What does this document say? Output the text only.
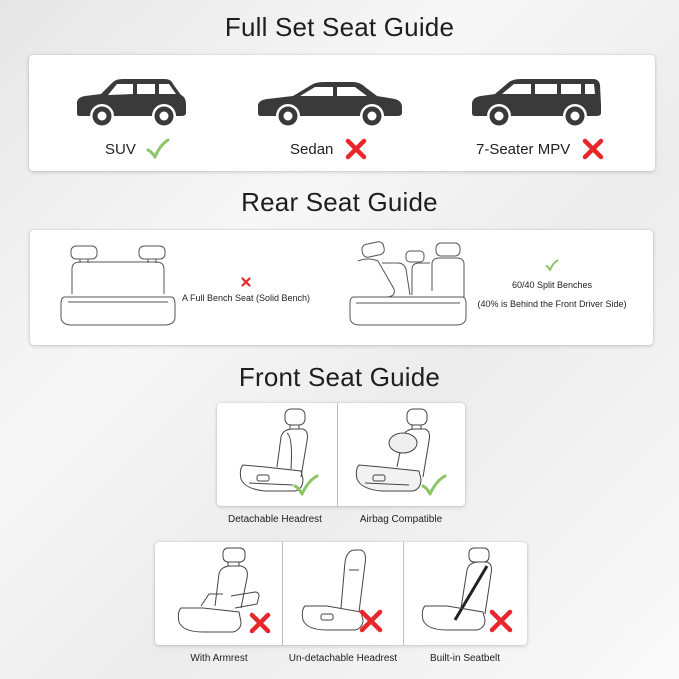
Full Set Seat Guide
SUV	Sedan	7-Seater MPV
Rear Seat Guide
A Full Bench Seat (Solid Bench)
60/40 Split Benches
(40% is Behind the Front Driver Side)
Front Seat Guide
Detachable Headrest	Airbag Compatible
With Armrest	Un-detachable Headrest	Built-in Seatbelt
